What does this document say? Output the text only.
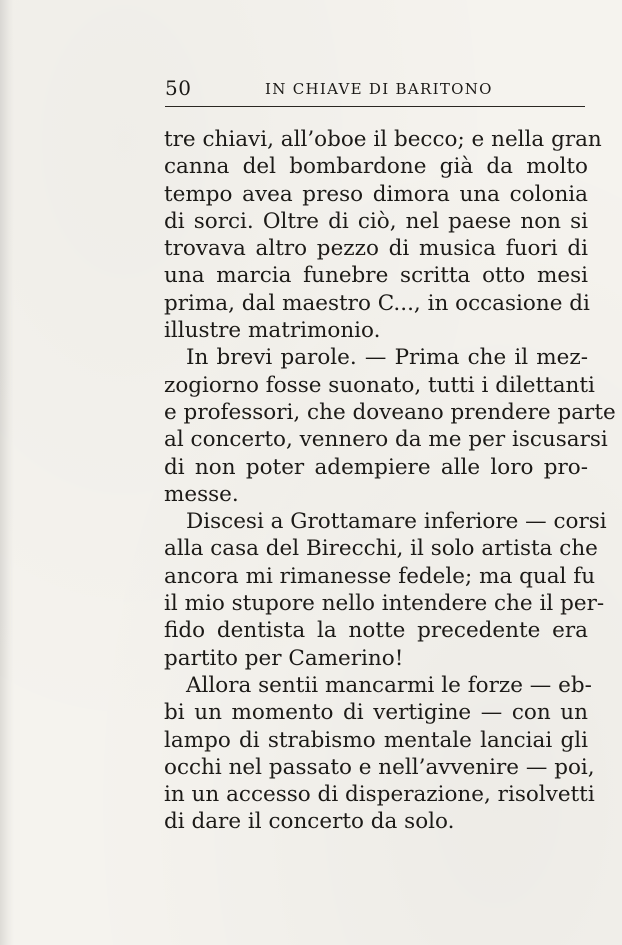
50	IN CHIAVE DI BARITONO
tre chiavi, all’oboe il becco; e nella gran
canna del bombardone già da molto
tempo avea preso dimora una colonia
di sorci. Oltre di ciò, nel paese non si
trovava altro pezzo di musica fuori di
una marcia funebre scritta otto mesi
prima, dal maestro C..., in occasione di
illustre matrimonio.
In brevi parole. — Prima che il mez-
zogiorno fosse suonato, tutti i dilettanti
e professori, che doveano prendere parte
al concerto, vennero da me per iscusarsi
di non poter adempiere alle loro pro-
messe.
Discesi a Grottamare inferiore — corsi
alla casa del Birecchi, il solo artista che
ancora mi rimanesse fedele; ma qual fu
il mio stupore nello intendere che il per-
fido dentista la notte precedente era
partito per Camerino!
Allora sentii mancarmi le forze — eb-
bi un momento di vertigine — con un
lampo di strabismo mentale lanciai gli
occhi nel passato e nell’avvenire — poi,
in un accesso di disperazione, risolvetti
di dare il concerto da solo.
